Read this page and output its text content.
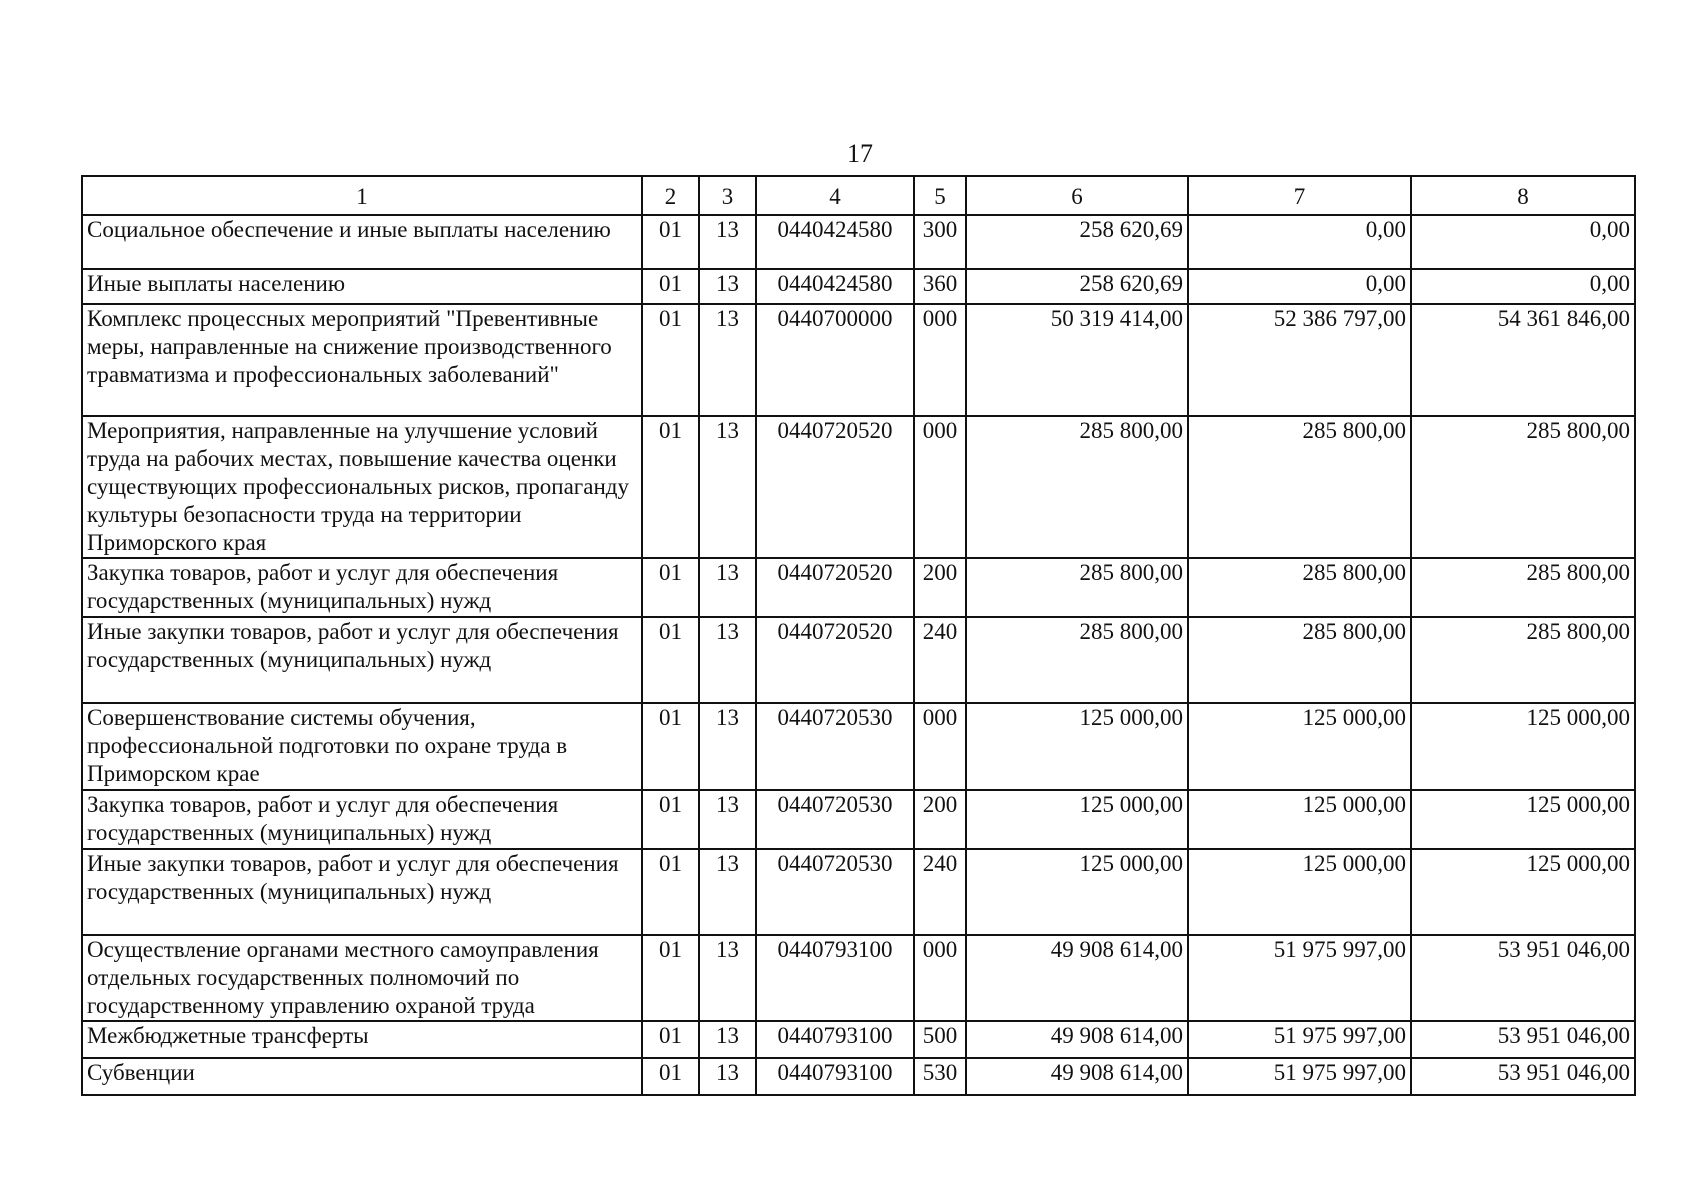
17
1	2	3	4	5	6	7	8
Социальное обеспечение и иные выплаты населению	01	13	0440424580	300	258 620,69	0,00	0,00
Иные выплаты населению	01	13	0440424580	360	258 620,69	0,00	0,00
Комплекс процессных мероприятий "Превентивные меры, направленные на снижение производственного травматизма и профессиональных заболеваний"	01	13	0440700000	000	50 319 414,00	52 386 797,00	54 361 846,00
Мероприятия, направленные на улучшение условий труда на рабочих местах, повышение качества оценки существующих профессиональных рисков, пропаганду культуры безопасности труда на территории Приморского края	01	13	0440720520	000	285 800,00	285 800,00	285 800,00
Закупка товаров, работ и услуг для обеспечения государственных (муниципальных) нужд	01	13	0440720520	200	285 800,00	285 800,00	285 800,00
Иные закупки товаров, работ и услуг для обеспечения государственных (муниципальных) нужд	01	13	0440720520	240	285 800,00	285 800,00	285 800,00
Совершенствование системы обучения, профессиональной подготовки по охране труда в Приморском крае	01	13	0440720530	000	125 000,00	125 000,00	125 000,00
Закупка товаров, работ и услуг для обеспечения государственных (муниципальных) нужд	01	13	0440720530	200	125 000,00	125 000,00	125 000,00
Иные закупки товаров, работ и услуг для обеспечения государственных (муниципальных) нужд	01	13	0440720530	240	125 000,00	125 000,00	125 000,00
Осуществление органами местного самоуправления отдельных государственных полномочий по государственному управлению охраной труда	01	13	0440793100	000	49 908 614,00	51 975 997,00	53 951 046,00
Межбюджетные трансферты	01	13	0440793100	500	49 908 614,00	51 975 997,00	53 951 046,00
Субвенции	01	13	0440793100	530	49 908 614,00	51 975 997,00	53 951 046,00
